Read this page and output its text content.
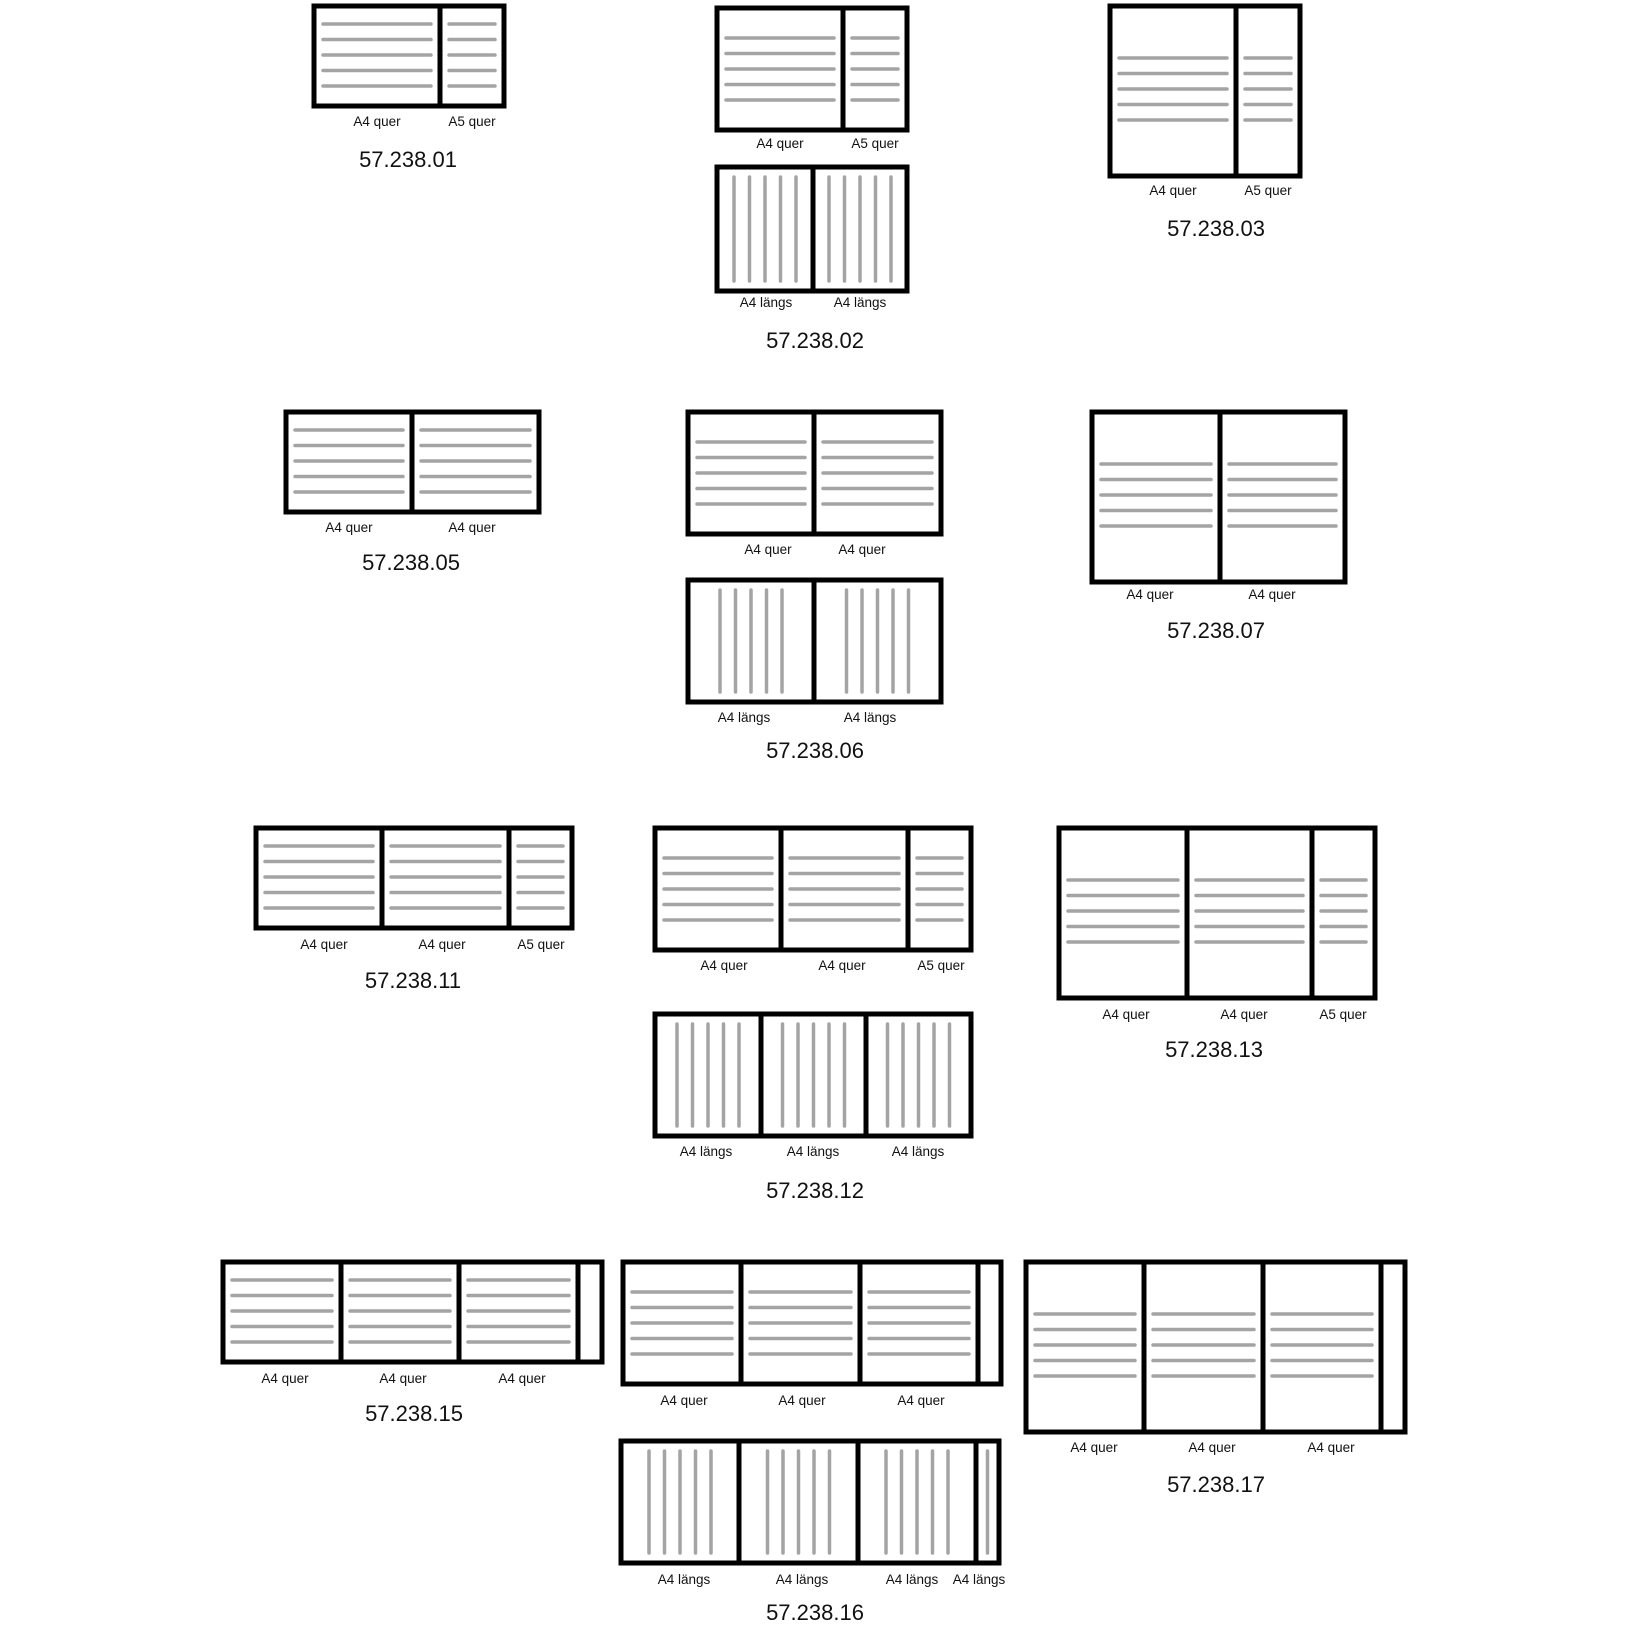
A4 quer	A5 quer
57.238.01
A4 quer	A5 quer
A4 längs	A4 längs
57.238.02
A4 quer	A5 quer
57.238.03
A4 quer	A4 quer
57.238.05
A4 quer	A4 quer
A4 längs	A4 längs
57.238.06
A4 quer	A4 quer
57.238.07
A4 quer	A4 quer	A5 quer
57.238.11
A4 quer	A4 quer	A5 quer
A4 längs	A4 längs	A4 längs
57.238.12
A4 quer	A4 quer	A5 quer
57.238.13
A4 quer	A4 quer	A4 quer
57.238.15
A4 quer	A4 quer	A4 quer
A4 längs	A4 längs	A4 längs A4 längs
57.238.16
A4 quer	A4 quer	A4 quer
57.238.17
